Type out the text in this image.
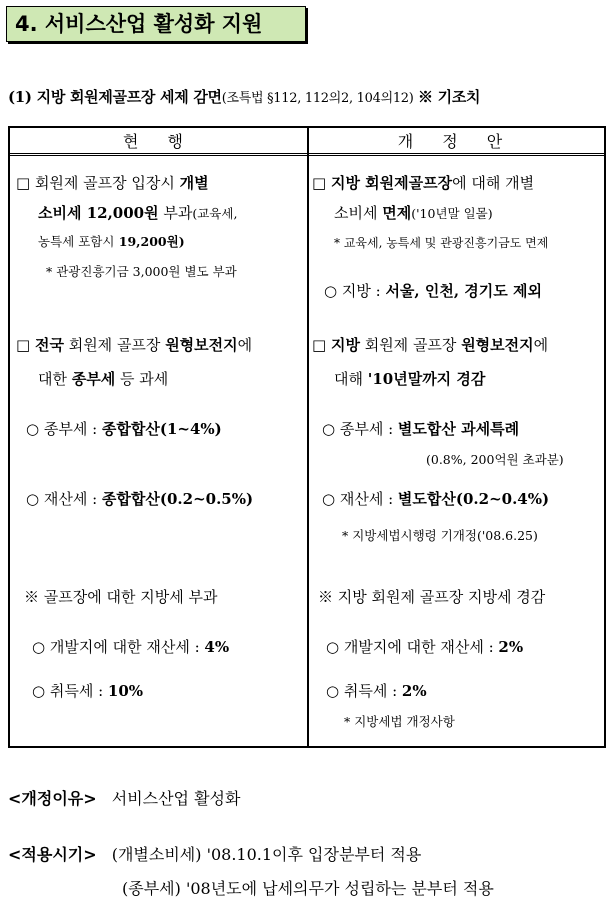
4. 서비스산업 활성화 지원
(1) 지방 회원제골프장 세제 감면(조특법 §112, 112의2, 104의12) ※ 기조치
현 행	개 정 안
□ 회원제 골프장 입장시 개별
소비세 12,000원 부과(교육세,
농특세 포함시 19,200원)
* 관광진흥기금 3,000원 별도 부과
□ 전국 회원제 골프장 원형보전지에
대한 종부세 등 과세
○ 종부세 : 종합합산(1~4%)
○ 재산세 : 종합합산(0.2~0.5%)
※ 골프장에 대한 지방세 부과
○ 개발지에 대한 재산세 : 4%
○ 취득세 : 10%
□ 지방 회원제골프장에 대해 개별
소비세 면제('10년말 일몰)
* 교육세, 농특세 및 관광진흥기금도 면제
○ 지방 : 서울, 인천, 경기도 제외
□ 지방 회원제 골프장 원형보전지에
대해 '10년말까지 경감
○ 종부세 : 별도합산 과세특례
(0.8%, 200억원 초과분)
○ 재산세 : 별도합산(0.2~0.4%)
* 지방세법시행령 기개정('08.6.25)
※ 지방 회원제 골프장 지방세 경감
○ 개발지에 대한 재산세 : 2%
○ 취득세 : 2%
* 지방세법 개정사항
<개정이유> 서비스산업 활성화
<적용시기> (개별소비세) '08.10.1이후 입장분부터 적용
(종부세) '08년도에 납세의무가 성립하는 분부터 적용
